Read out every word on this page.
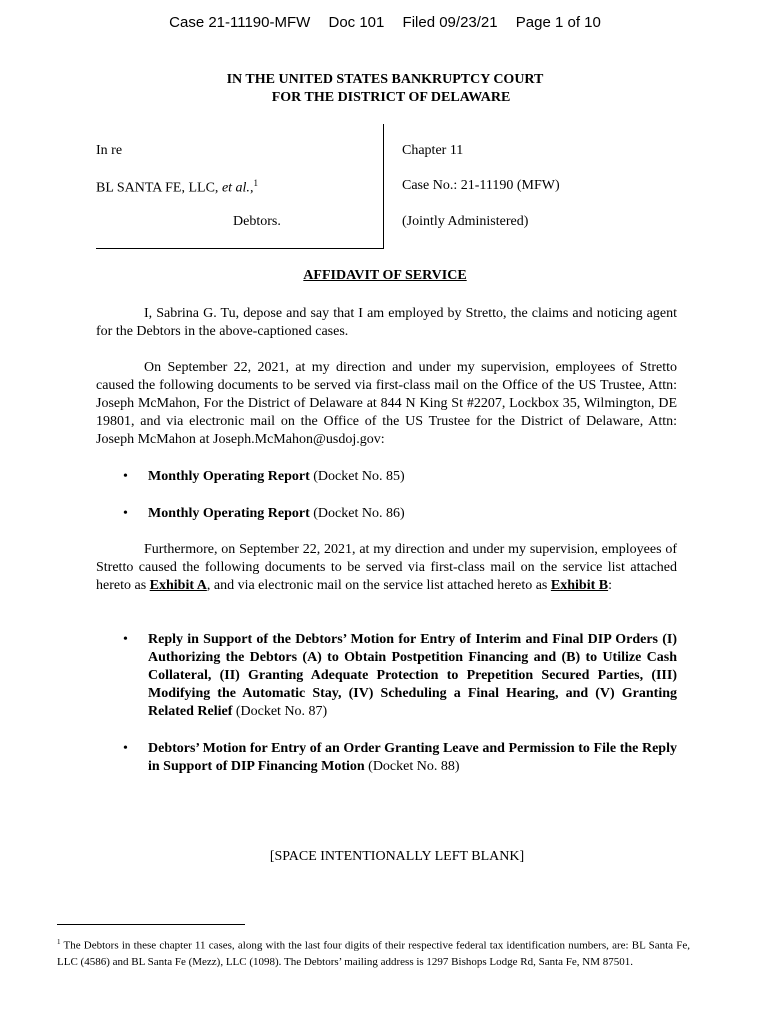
Case 21-11190-MFW Doc 101 Filed 09/23/21 Page 1 of 10
IN THE UNITED STATES BANKRUPTCY COURT
FOR THE DISTRICT OF DELAWARE
In re
BL SANTA FE, LLC, et al.,$^1$
Debtors.
Chapter 11
Case No.: 21-11190 (MFW)
(Jointly Administered)
AFFIDAVIT OF SERVICE
I, Sabrina G. Tu, depose and say that I am employed by Stretto, the claims and noticing agent for the Debtors in the above-captioned cases.
On September 22, 2021, at my direction and under my supervision, employees of Stretto caused the following documents to be served via first-class mail on the Office of the US Trustee, Attn: Joseph McMahon, For the District of Delaware at 844 N King St #2207, Lockbox 35, Wilmington, DE 19801, and via electronic mail on the Office of the US Trustee for the District of Delaware, Attn: Joseph McMahon at Joseph.McMahon@usdoj.gov:
• Monthly Operating Report (Docket No. 85)
• Monthly Operating Report (Docket No. 86)
Furthermore, on September 22, 2021, at my direction and under my supervision, employees of Stretto caused the following documents to be served via first-class mail on the service list attached hereto as Exhibit A, and via electronic mail on the service list attached hereto as Exhibit B:
• Reply in Support of the Debtors’ Motion for Entry of Interim and Final DIP Orders (I) Authorizing the Debtors (A) to Obtain Postpetition Financing and (B) to Utilize Cash Collateral, (II) Granting Adequate Protection to Prepetition Secured Parties, (III) Modifying the Automatic Stay, (IV) Scheduling a Final Hearing, and (V) Granting Related Relief (Docket No. 87)
• Debtors’ Motion for Entry of an Order Granting Leave and Permission to File the Reply in Support of DIP Financing Motion (Docket No. 88)
[SPACE INTENTIONALLY LEFT BLANK]
$^1$ The Debtors in these chapter 11 cases, along with the last four digits of their respective federal tax identification numbers, are: BL Santa Fe, LLC (4586) and BL Santa Fe (Mezz), LLC (1098). The Debtors’ mailing address is 1297 Bishops Lodge Rd, Santa Fe, NM 87501.
